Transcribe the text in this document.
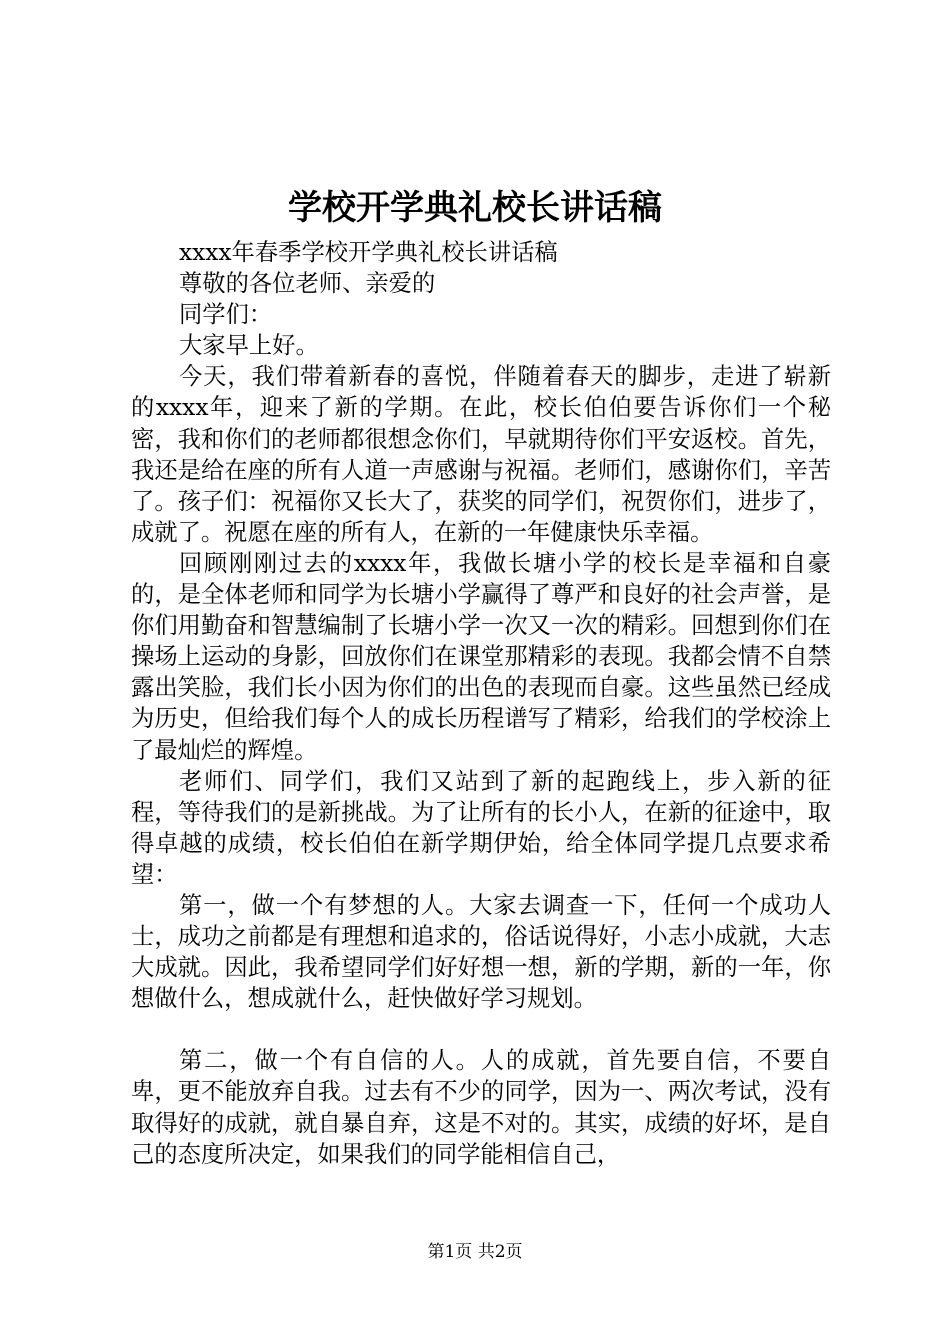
学校开学典礼校长讲话稿

xxxx年春季学校开学典礼校长讲话稿

尊敬的各位老师、亲爱的

同学们：

大家早上好。

今天，我们带着新春的喜悦，伴随着春天的脚步，走进了崭新的xxxx年，迎来了新的学期。在此，校长伯伯要告诉你们一个秘密，我和你们的老师都很想念你们，早就期待你们平安返校。首先，我还是给在座的所有人道一声感谢与祝福。老师们，感谢你们，辛苦了。孩子们：祝福你又长大了，获奖的同学们，祝贺你们，进步了，成就了。祝愿在座的所有人，在新的一年健康快乐幸福。

回顾刚刚过去的xxxx年，我做长塘小学的校长是幸福和自豪的，是全体老师和同学为长塘小学赢得了尊严和良好的社会声誉，是你们用勤奋和智慧编制了长塘小学一次又一次的精彩。回想到你们在操场上运动的身影，回放你们在课堂那精彩的表现。我都会情不自禁露出笑脸，我们长小因为你们的出色的表现而自豪。这些虽然已经成为历史，但给我们每个人的成长历程谱写了精彩，给我们的学校涂上了最灿烂的辉煌。

老师们、同学们，我们又站到了新的起跑线上，步入新的征程，等待我们的是新挑战。为了让所有的长小人，在新的征途中，取得卓越的成绩，校长伯伯在新学期伊始，给全体同学提几点要求希望：

第一，做一个有梦想的人。大家去调查一下，任何一个成功人士，成功之前都是有理想和追求的，俗话说得好，小志小成就，大志大成就。因此，我希望同学们好好想一想，新的学期，新的一年，你想做什么，想成就什么，赶快做好学习规划。

第二，做一个有自信的人。人的成就，首先要自信，不要自卑，更不能放弃自我。过去有不少的同学，因为一、两次考试，没有取得好的成就，就自暴自弃，这是不对的。其实，成绩的好坏，是自己的态度所决定，如果我们的同学能相信自己，

第1页 共2页
